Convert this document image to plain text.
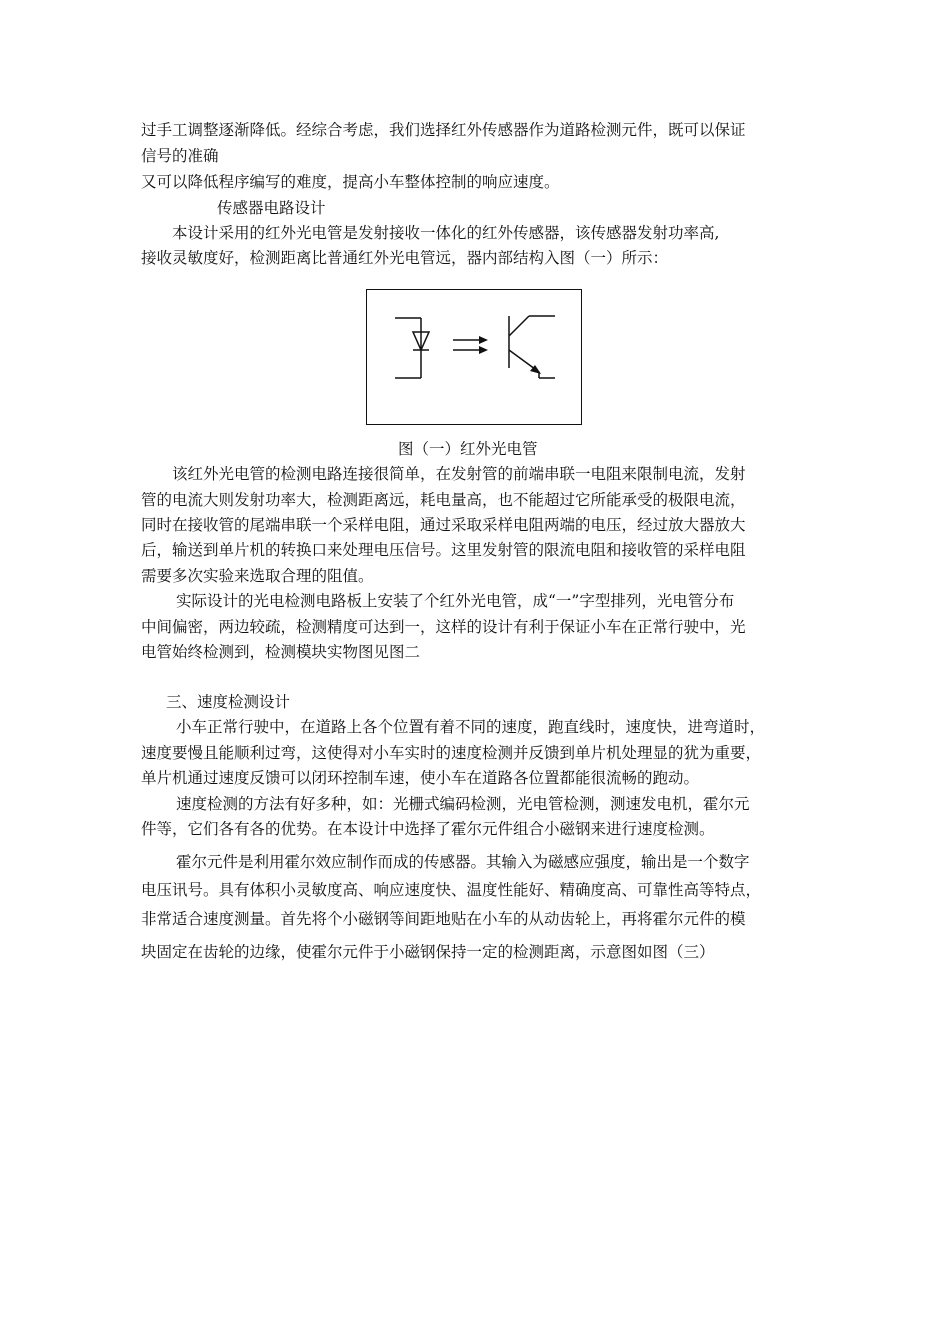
过手工调整逐渐降低。经综合考虑，我们选择红外传感器作为道路检测元件，既可以保证
信号的准确
又可以降低程序编写的难度，提高小车整体控制的响应速度。
传感器电路设计
本设计采用的红外光电管是发射接收一体化的红外传感器，该传感器发射功率高,
接收灵敏度好，检测距离比普通红外光电管远，器内部结构入图（一）所示：
图（一）红外光电管
该红外光电管的检测电路连接很简单，在发射管的前端串联一电阻来限制电流，发射
管的电流大则发射功率大，检测距离远，耗电量高，也不能超过它所能承受的极限电流，
同时在接收管的尾端串联一个采样电阻，通过采取采样电阻两端的电压，经过放大器放大
后，输送到单片机的转换口来处理电压信号。这里发射管的限流电阻和接收管的采样电阻
需要多次实验来选取合理的阻值。
实际设计的光电检测电路板上安装了个红外光电管，成“一”字型排列，光电管分布
中间偏密，两边较疏，检测精度可达到一，这样的设计有利于保证小车在正常行驶中，光
电管始终检测到，检测模块实物图见图二
三、速度检测设计
小车正常行驶中，在道路上各个位置有着不同的速度，跑直线时，速度快，进弯道时，
速度要慢且能顺利过弯，这使得对小车实时的速度检测并反馈到单片机处理显的犹为重要，
单片机通过速度反馈可以闭环控制车速，使小车在道路各位置都能很流畅的跑动。
速度检测的方法有好多种，如：光栅式编码检测，光电管检测，测速发电机，霍尔元
件等，它们各有各的优势。在本设计中选择了霍尔元件组合小磁钢来进行速度检测。
霍尔元件是利用霍尔效应制作而成的传感器。其输入为磁感应强度，输出是一个数字
电压讯号。具有体积小灵敏度高、响应速度快、温度性能好、精确度高、可靠性高等特点，
非常适合速度测量。首先将个小磁钢等间距地贴在小车的从动齿轮上，再将霍尔元件的模
块固定在齿轮的边缘，使霍尔元件于小磁钢保持一定的检测距离，示意图如图（三）
